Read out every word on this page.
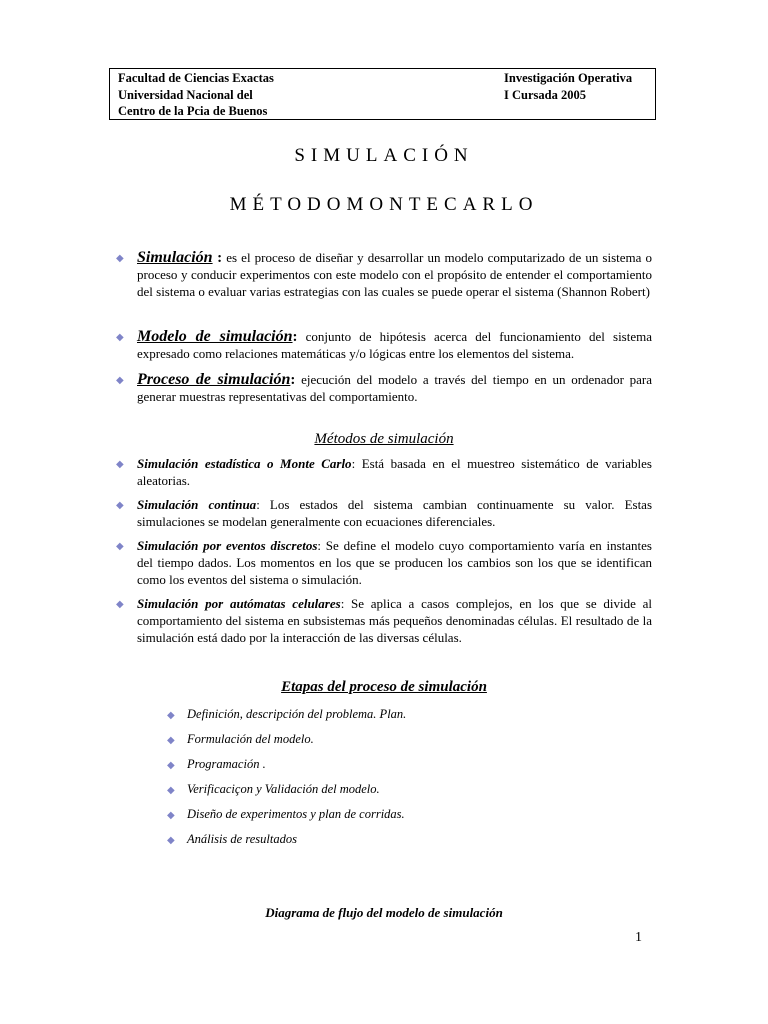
Facultad de Ciencias Exactas
Universidad Nacional del
Centro de la Pcia de Buenos
Investigación Operativa
I Cursada 2005
SIMULACIÓN
MÉTODOMONTECARLO
◆ Simulación : es el proceso de diseñar y desarrollar un modelo computarizado de un sistema o proceso y conducir experimentos con este modelo con el propósito de entender el comportamiento del sistema o evaluar varias estrategias con las cuales se puede operar el sistema (Shannon Robert)
◆ Modelo de simulación: conjunto de hipótesis acerca del funcionamiento del sistema expresado como relaciones matemáticas y/o lógicas entre los elementos del sistema.
◆ Proceso de simulación: ejecución del modelo a través del tiempo en un ordenador para generar muestras representativas del comportamiento.
Métodos de simulación
◆ Simulación estadística o Monte Carlo: Está basada en el muestreo sistemático de variables aleatorias.
◆ Simulación continua: Los estados del sistema cambian continuamente su valor. Estas simulaciones se modelan generalmente con ecuaciones diferenciales.
◆ Simulación por eventos discretos: Se define el modelo cuyo comportamiento varía en instantes del tiempo dados. Los momentos en los que se producen los cambios son los que se identifican como los eventos del sistema o simulación.
◆ Simulación por autómatas celulares: Se aplica a casos complejos, en los que se divide al comportamiento del sistema en subsistemas más pequeños denominadas células. El resultado de la simulación está dado por la interacción de las diversas células.
Etapas del proceso de simulación
◆ Definición, descripción del problema. Plan.
◆ Formulación del modelo.
◆ Programación .
◆ Verificaciçon y Validación del modelo.
◆ Diseño de experimentos y plan de corridas.
◆ Análisis de resultados
Diagrama de flujo del modelo de simulación
1
